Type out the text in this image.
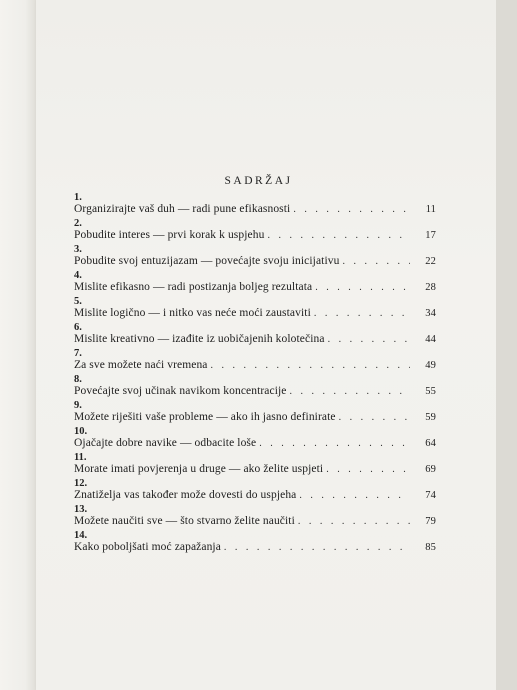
SADRŽAJ
1.
Organizirajte vaš duh — radi pune efikasnosti . . .	11
2.
Pobudite interes — prvi korak k uspjehu . . .	17
3.
Pobudite svoj entuzijazam — povećajte svoju inicijativu . . .	22
4.
Mislite efikasno — radi postizanja boljeg rezultata . . .	28
5.
Mislite logično — i nitko vas neće moći zaustaviti . . .	34
6.
Mislite kreativno — izađite iz uobičajenih kolotečina . . .	44
7.
Za sve možete naći vremena . . .	49
8.
Povećajte svoj učinak navikom koncentracije . . .	55
9.
Možete riješiti vaše probleme — ako ih jasno definirate . . .	59
10.
Ojačajte dobre navike — odbacite loše . . .	64
11.
Morate imati povjerenja u druge — ako želite uspjeti . . .	69
12.
Znatiželja vas također može dovesti do uspjeha . . .	74
13.
Možete naučiti sve — što stvarno želite naučiti . . .	79
14.
Kako poboljšati moć zapažanja . . .	85
